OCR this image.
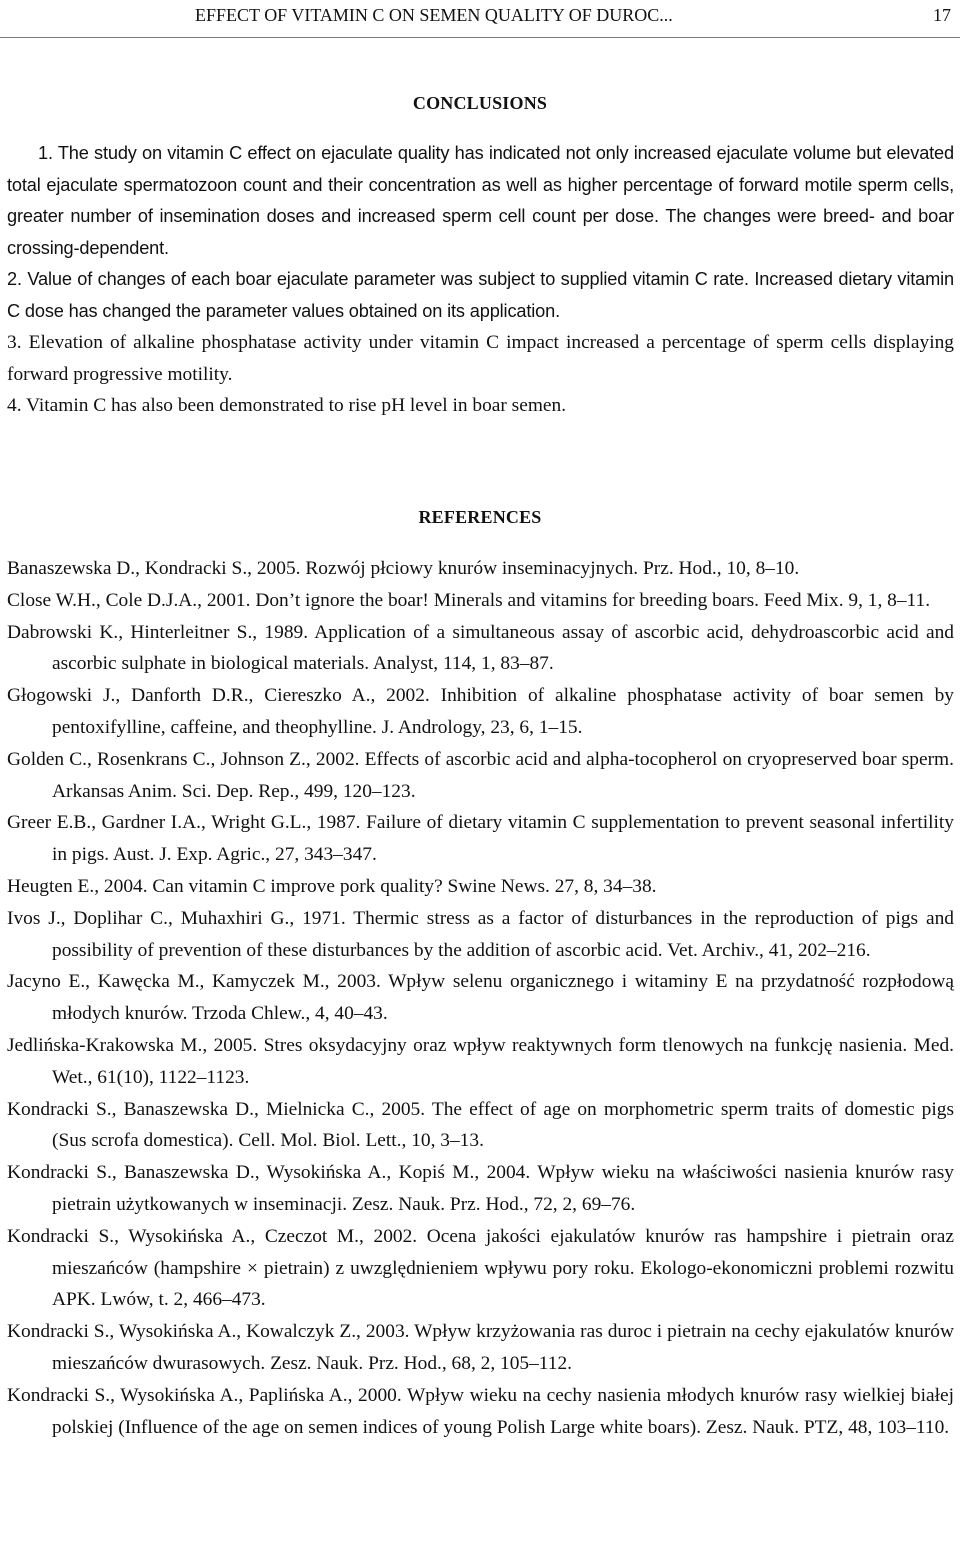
EFFECT OF VITAMIN C ON SEMEN QUALITY OF DUROC...	17
CONCLUSIONS

1. The study on vitamin C effect on ejaculate quality has indicated not only increased ejaculate volume but elevated total ejaculate spermatozoon count and their concentration as well as higher percentage of forward motile sperm cells, greater number of insemination doses and increased sperm cell count per dose. The changes were breed- and boar crossing-dependent.

2. Value of changes of each boar ejaculate parameter was subject to supplied vitamin C rate. Increased dietary vitamin C dose has changed the parameter values obtained on its application.

3. Elevation of alkaline phosphatase activity under vitamin C impact increased a percentage of sperm cells displaying forward progressive motility.

4. Vitamin C has also been demonstrated to rise pH level in boar semen.

REFERENCES

Banaszewska D., Kondracki S., 2005. Rozwój płciowy knurów inseminacyjnych. Prz. Hod., 10, 8–10.

Close W.H., Cole D.J.A., 2001. Don’t ignore the boar! Minerals and vitamins for breeding boars. Feed Mix. 9, 1, 8–11.

Dabrowski K., Hinterleitner S., 1989. Application of a simultaneous assay of ascorbic acid, dehydroascorbic acid and ascorbic sulphate in biological materials. Analyst, 114, 1, 83–87.

Głogowski J., Danforth D.R., Ciereszko A., 2002. Inhibition of alkaline phosphatase activity of boar semen by pentoxifylline, caffeine, and theophylline. J. Andrology, 23, 6, 1–15.

Golden C., Rosenkrans C., Johnson Z., 2002. Effects of ascorbic acid and alpha-tocopherol on cryopreserved boar sperm. Arkansas Anim. Sci. Dep. Rep., 499, 120–123.

Greer E.B., Gardner I.A., Wright G.L., 1987. Failure of dietary vitamin C supplementation to prevent seasonal infertility in pigs. Aust. J. Exp. Agric., 27, 343–347.

Heugten E., 2004. Can vitamin C improve pork quality? Swine News. 27, 8, 34–38.

Ivos J., Doplihar C., Muhaxhiri G., 1971. Thermic stress as a factor of disturbances in the reproduction of pigs and possibility of prevention of these disturbances by the addition of ascorbic acid. Vet. Archiv., 41, 202–216.

Jacyno E., Kawęcka M., Kamyczek M., 2003. Wpływ selenu organicznego i witaminy E na przydatność rozpłodową młodych knurów. Trzoda Chlew., 4, 40–43.

Jedlińska-Krakowska M., 2005. Stres oksydacyjny oraz wpływ reaktywnych form tlenowych na funkcję nasienia. Med. Wet., 61(10), 1122–1123.

Kondracki S., Banaszewska D., Mielnicka C., 2005. The effect of age on morphometric sperm traits of domestic pigs (Sus scrofa domestica). Cell. Mol. Biol. Lett., 10, 3–13.

Kondracki S., Banaszewska D., Wysokińska A., Kopiś M., 2004. Wpływ wieku na właściwości nasienia knurów rasy pietrain użytkowanych w inseminacji. Zesz. Nauk. Prz. Hod., 72, 2, 69–76.

Kondracki S., Wysokińska A., Czeczot M., 2002. Ocena jakości ejakulatów knurów ras hampshire i pietrain oraz mieszańców (hampshire × pietrain) z uwzględnieniem wpływu pory roku. Ekologo-ekonomiczni problemi rozwitu APK. Lwów, t. 2, 466–473.

Kondracki S., Wysokińska A., Kowalczyk Z., 2003. Wpływ krzyżowania ras duroc i pietrain na cechy ejakulatów knurów mieszańców dwurasowych. Zesz. Nauk. Prz. Hod., 68, 2, 105–112.

Kondracki S., Wysokińska A., Paplińska A., 2000. Wpływ wieku na cechy nasienia młodych knurów rasy wielkiej białej polskiej (Influence of the age on semen indices of young Polish Large white boars). Zesz. Nauk. PTZ, 48, 103–110.
